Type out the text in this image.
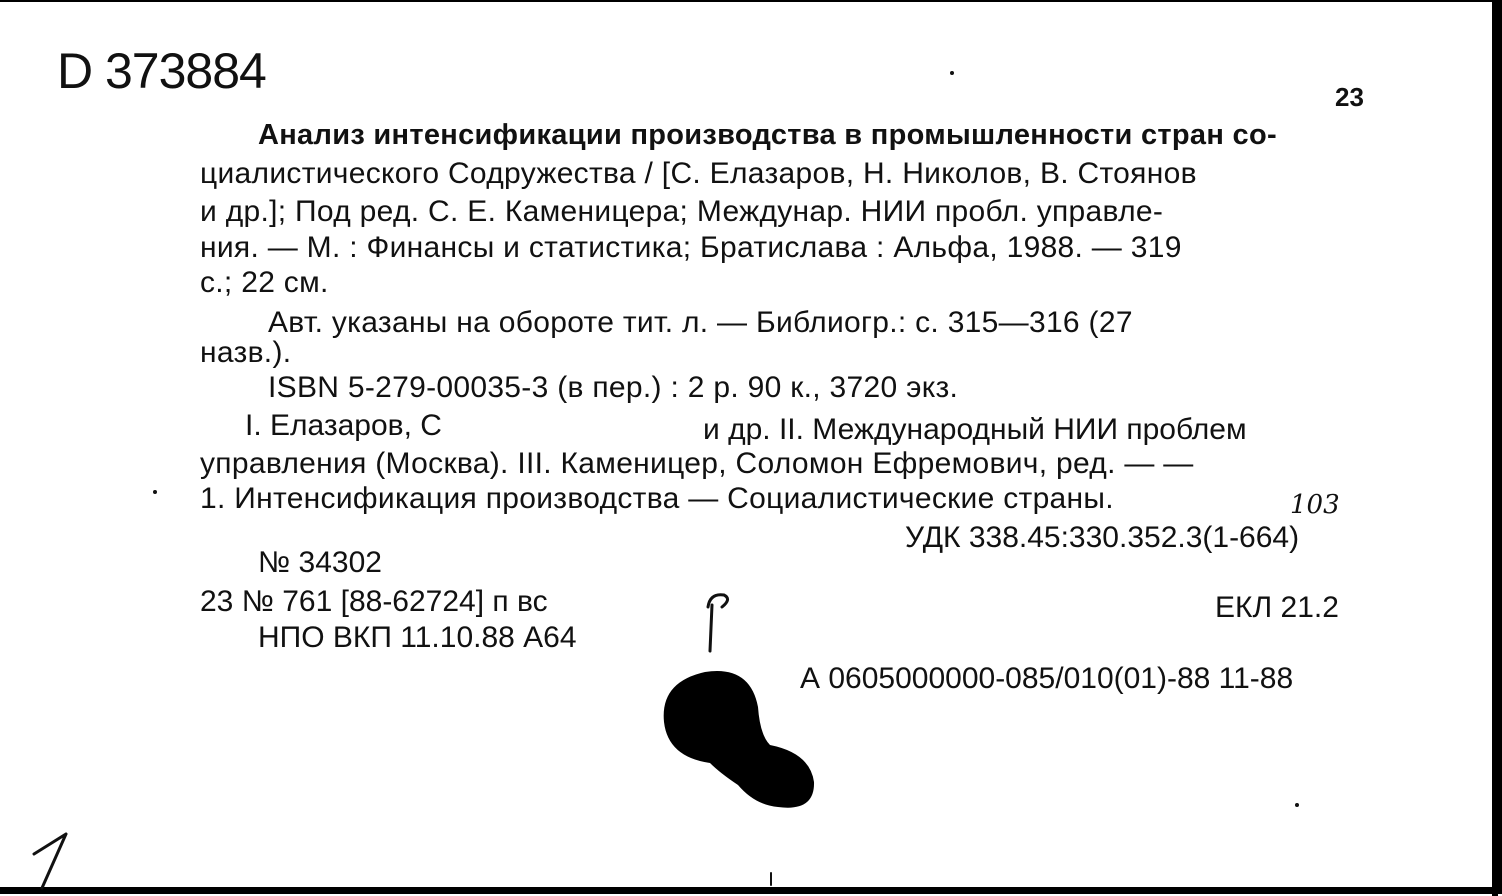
D 373884	23
Анализ интенсификации производства в промышленности стран со-
циалистического Содружества / [С. Елазаров, Н. Николов, В. Стоянов
и др.]; Под ред. С. Е. Каменицера; Междунар. НИИ пробл. управле-
ния. — М. : Финансы и статистика; Братислава : Альфа, 1988. — 319
с.; 22 см.
Авт. указаны на обороте тит. л. — Библиогр.: с. 315—316 (27
назв.).
ISBN 5-279-00035-3 (в пер.) : 2 р. 90 к., 3720 экз.
I. Елазаров, С	и др. II. Международный НИИ проблем
управления (Москва). III. Каменицер, Соломон Ефремович, ред. — —
1. Интенсификация производства — Социалистические страны.	103
УДК 338.45:330.352.3(1-664)
№ 34302
23 № 761 [88-62724] п вс
НПО ВКП 11.10.88 А64
ЕКЛ 21.2
А 0605000000-085/010(01)-88 11-88
